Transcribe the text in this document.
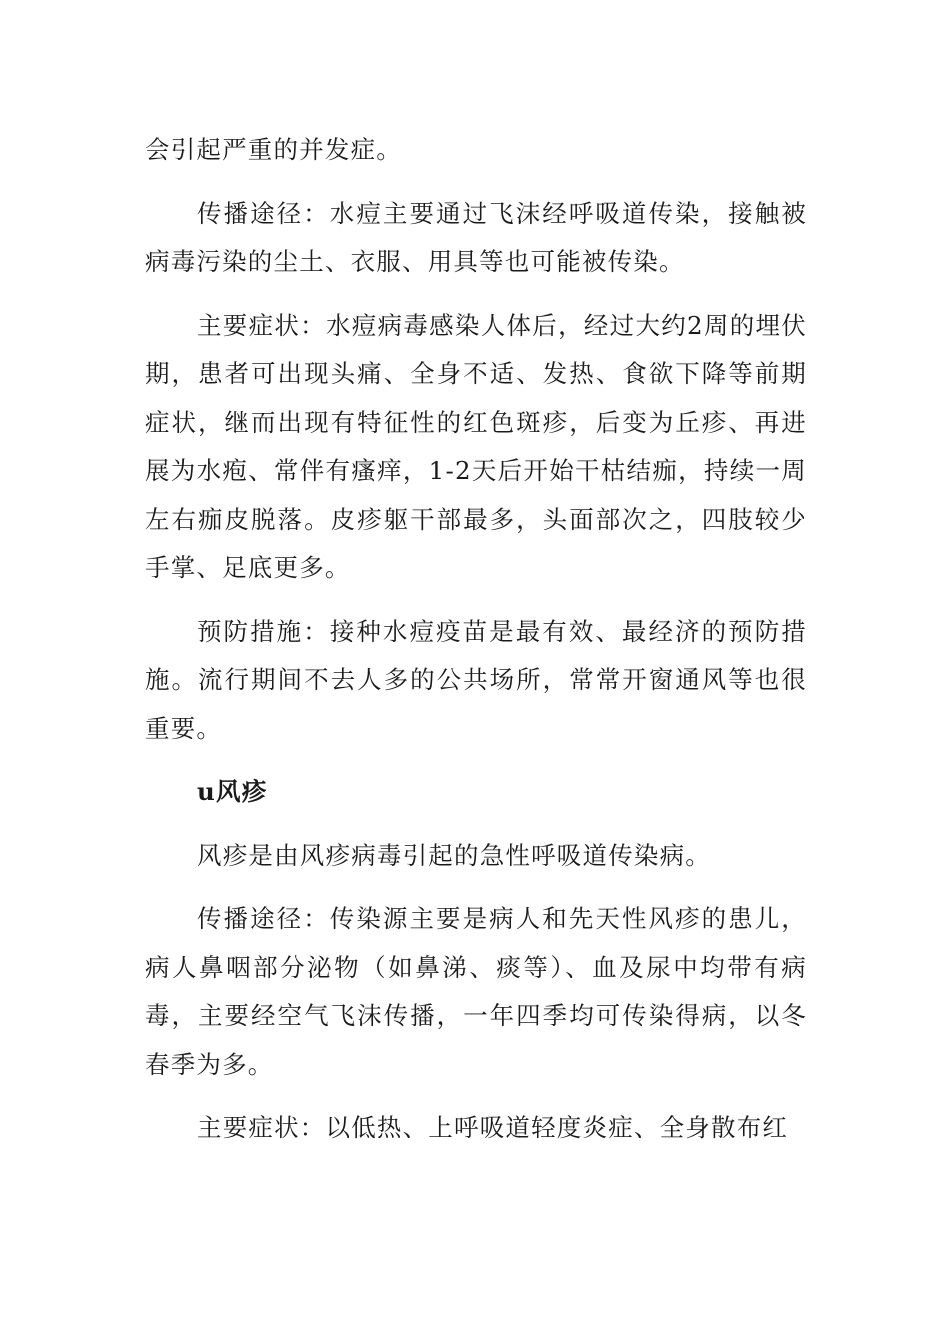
会引起严重的并发症。

传播途径：水痘主要通过飞沫经呼吸道传染，接触被病毒污染的尘土、衣服、用具等也可能被传染。

主要症状：水痘病毒感染人体后，经过大约2周的埋伏期，患者可出现头痛、全身不适、发热、食欲下降等前期症状，继而出现有特征性的红色斑疹，后变为丘疹、再进展为水疱、常伴有瘙痒，1-2天后开始干枯结痂，持续一周左右痂皮脱落。皮疹躯干部最多，头面部次之，四肢较少手掌、足底更多。

预防措施：接种水痘疫苗是最有效、最经济的预防措施。流行期间不去人多的公共场所，常常开窗通风等也很重要。

u风疹

风疹是由风疹病毒引起的急性呼吸道传染病。

传播途径：传染源主要是病人和先天性风疹的患儿，病人鼻咽部分泌物（如鼻涕、痰等）、血及尿中均带有病毒，主要经空气飞沫传播，一年四季均可传染得病，以冬春季为多。

主要症状：以低热、上呼吸道轻度炎症、全身散布红
